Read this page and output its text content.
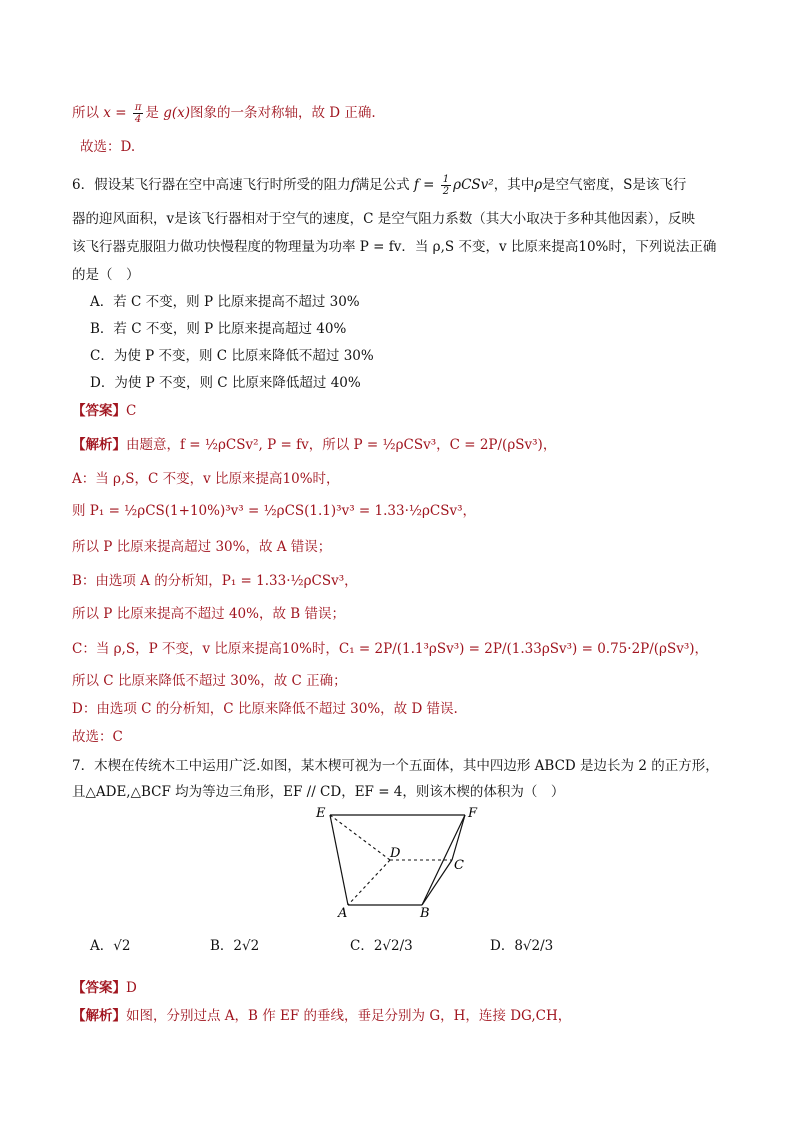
所以 $x = \frac{\pi}{4}$ 是 g(x)图象的一条对称轴，故 D 正确.
故选：D.
6．假设某飞行器在空中高速飞行时所受的阻力f满足公式 $f = \frac{1}{2} \rho CSv^2$，其中ρ是空气密度，S是该飞行
器的迎风面积，v是该飞行器相对于空气的速度，C 是空气阻力系数（其大小取决于多种其他因素），反映
该飞行器克服阻力做功快慢程度的物理量为功率 P = fv．当 ρ,S 不变，v 比原来提高10%时，下列说法正确
的是（　）
A．若 C 不变，则 P 比原来提高不超过 30%
B．若 C 不变，则 P 比原来提高超过 40%
C．为使 P 不变，则 C 比原来降低不超过 30%
D．为使 P 不变，则 C 比原来降低超过 40%
【答案】C
【解析】由题意，f = ½ρCSv², P = fv，所以 P = ½ρCSv³，C = 2P/(ρSv³)，
A：当 ρ,S，C 不变，v 比原来提高10%时，
则 P₁ = ½ρCS(1+10%)³v³ = ½ρCS(1.1)³v³ = 1.33·½ρCSv³，
所以 P 比原来提高超过 30%，故 A 错误；
B：由选项 A 的分析知，P₁ = 1.33·½ρCSv³，
所以 P 比原来提高不超过 40%，故 B 错误；
C：当 ρ,S，P 不变，v 比原来提高10%时，C₁ = 2P/(1.1³ρSv³) = 2P/(1.33ρSv³) = 0.75·2P/(ρSv³)，
所以 C 比原来降低不超过 30%，故 C 正确；
D：由选项 C 的分析知，C 比原来降低不超过 30%，故 D 错误.
故选：C
7．木楔在传统木工中运用广泛.如图，某木楔可视为一个五面体，其中四边形 ABCD 是边长为 2 的正方形，
且△ADE,△BCF 均为等边三角形，EF // CD，EF = 4，则该木楔的体积为（　）
E	F
D
C
A	B
A．√2	B．2√2	C．2√2/3	D．8√2/3
【答案】D
【解析】如图，分别过点 A，B 作 EF 的垂线，垂足分别为 G，H，连接 DG,CH，
